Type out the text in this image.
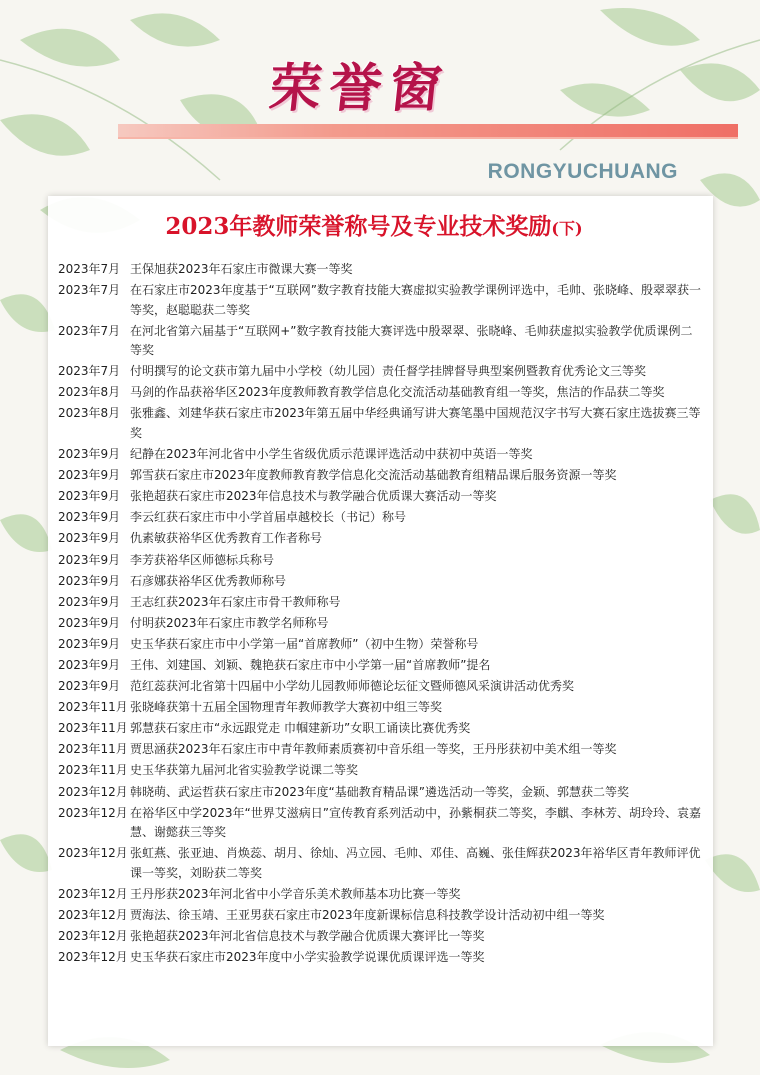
荣誉窗
RONGYUCHUANG
2023年教师荣誉称号及专业技术奖励(下)
2023年7月 王保旭获2023年石家庄市微课大赛一等奖
2023年7月 在石家庄市2023年度基于“互联网”数字教育技能大赛虚拟实验教学课例评选中，毛帅、张晓峰、殷翠翠获一等奖，赵聪聪获二等奖
2023年7月 在河北省第六届基于“互联网+”数字教育技能大赛评选中殷翠翠、张晓峰、毛帅获虚拟实验教学优质课例二等奖
2023年7月 付明撰写的论文获市第九届中小学校（幼儿园）责任督学挂牌督导典型案例暨教育优秀论文三等奖
2023年8月 马剑的作品获裕华区2023年度教师教育教学信息化交流活动基础教育组一等奖，焦洁的作品获二等奖
2023年8月 张雅鑫、刘建华获石家庄市2023年第五届中华经典诵写讲大赛笔墨中国规范汉字书写大赛石家庄选拔赛三等奖
2023年9月 纪静在2023年河北省中小学生省级优质示范课评选活动中获初中英语一等奖
2023年9月 郭雪获石家庄市2023年度教师教育教学信息化交流活动基础教育组精品课后服务资源一等奖
2023年9月 张艳超获石家庄市2023年信息技术与教学融合优质课大赛活动一等奖
2023年9月 李云红获石家庄市中小学首届卓越校长（书记）称号
2023年9月 仇素敏获裕华区优秀教育工作者称号
2023年9月 李芳获裕华区师德标兵称号
2023年9月 石彦娜获裕华区优秀教师称号
2023年9月 王志红获2023年石家庄市骨干教师称号
2023年9月 付明获2023年石家庄市教学名师称号
2023年9月 史玉华获石家庄市中小学第一届“首席教师”（初中生物）荣誉称号
2023年9月 王伟、刘建国、刘颖、魏艳获石家庄市中小学第一届“首席教师”提名
2023年9月 范红蕊获河北省第十四届中小学幼儿园教师师德论坛征文暨师德风采演讲活动优秀奖
2023年11月 张晓峰获第十五届全国物理青年教师教学大赛初中组三等奖
2023年11月 郭慧获石家庄市“永远跟党走 巾帼建新功”女职工诵读比赛优秀奖
2023年11月 贾思涵获2023年石家庄市中青年教师素质赛初中音乐组一等奖，王丹彤获初中美术组一等奖
2023年11月 史玉华获第九届河北省实验教学说课二等奖
2023年12月 韩晓萌、武运哲获石家庄市2023年度“基础教育精品课”遴选活动一等奖，金颖、郭慧获二等奖
2023年12月 在裕华区中学2023年“世界艾滋病日”宣传教育系列活动中，孙紫桐获二等奖，李麒、李林芳、胡玲玲、袁嘉慧、谢懿获三等奖
2023年12月 张虹燕、张亚迪、肖焕蕊、胡月、徐灿、冯立园、毛帅、邓佳、高巍、张佳辉获2023年裕华区青年教师评优课一等奖，刘盼获二等奖
2023年12月 王丹彤获2023年河北省中小学音乐美术教师基本功比赛一等奖
2023年12月 贾海法、徐玉靖、王亚男获石家庄市2023年度新课标信息科技教学设计活动初中组一等奖
2023年12月 张艳超获2023年河北省信息技术与教学融合优质课大赛评比一等奖
2023年12月 史玉华获石家庄市2023年度中小学实验教学说课优质课评选一等奖
